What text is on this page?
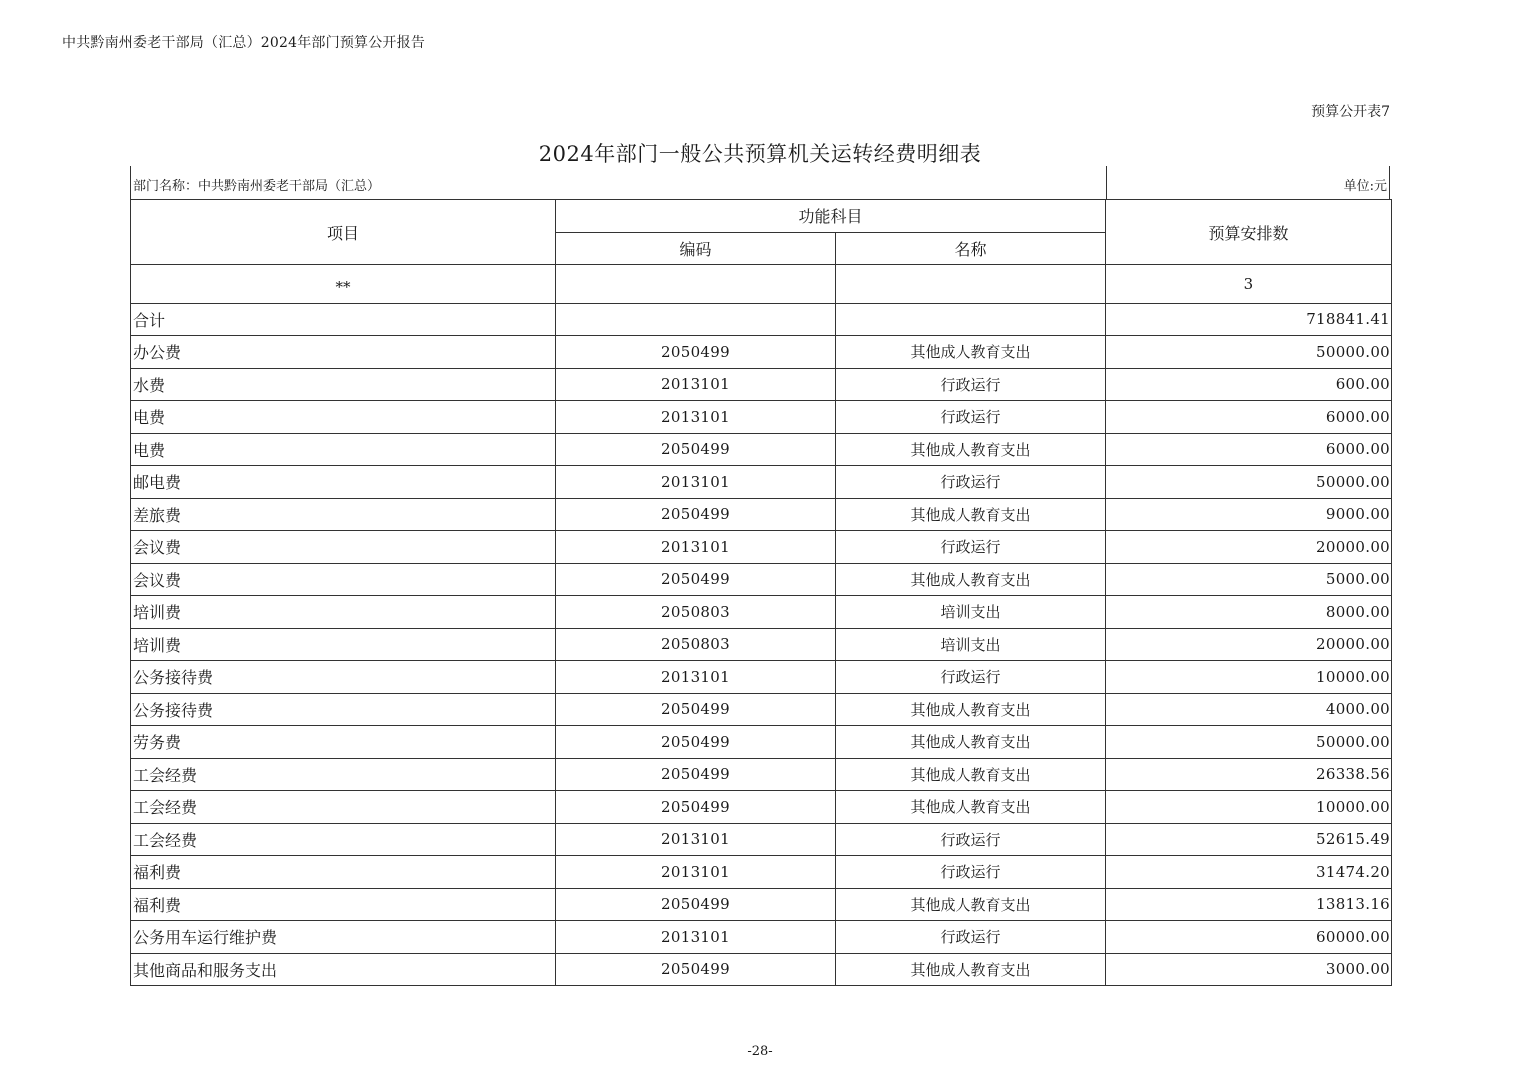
中共黔南州委老干部局（汇总）2024年部门预算公开报告
预算公开表7
2024年部门一般公共预算机关运转经费明细表
部门名称：中共黔南州委老干部局（汇总）	单位:元
项目	功能科目		预算安排数
	编码	名称	
**			3
合计			718841.41
办公费	2050499	其他成人教育支出	50000.00
水费	2013101	行政运行	600.00
电费	2013101	行政运行	6000.00
电费	2050499	其他成人教育支出	6000.00
邮电费	2013101	行政运行	50000.00
差旅费	2050499	其他成人教育支出	9000.00
会议费	2013101	行政运行	20000.00
会议费	2050499	其他成人教育支出	5000.00
培训费	2050803	培训支出	8000.00
培训费	2050803	培训支出	20000.00
公务接待费	2013101	行政运行	10000.00
公务接待费	2050499	其他成人教育支出	4000.00
劳务费	2050499	其他成人教育支出	50000.00
工会经费	2050499	其他成人教育支出	26338.56
工会经费	2050499	其他成人教育支出	10000.00
工会经费	2013101	行政运行	52615.49
福利费	2013101	行政运行	31474.20
福利费	2050499	其他成人教育支出	13813.16
公务用车运行维护费	2013101	行政运行	60000.00
其他商品和服务支出	2050499	其他成人教育支出	3000.00
-28-
